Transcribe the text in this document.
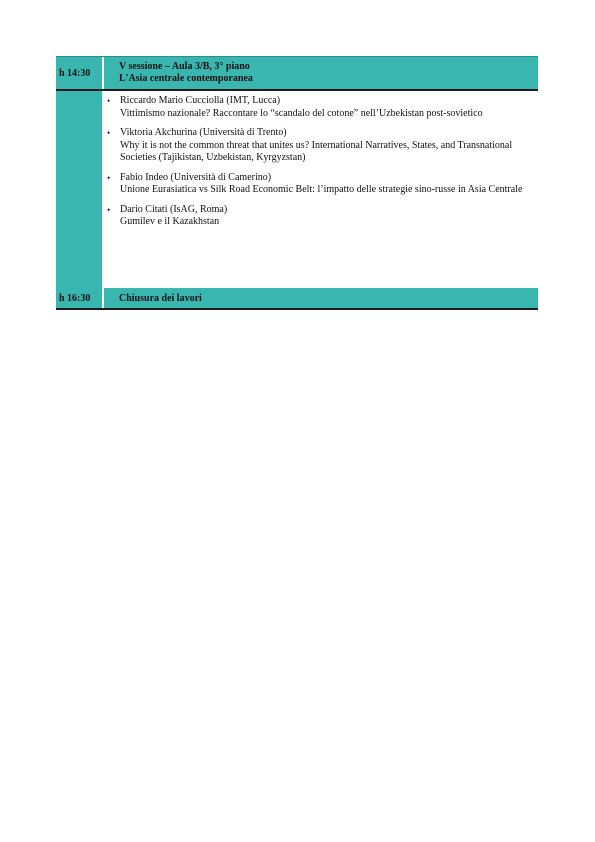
h 14:30
V sessione – Aula 3/B, 3° piano
L'Asia centrale contemporanea
• Riccardo Mario Cucciolla (IMT, Lucca)
Vittimismo nazionale? Raccontare lo “scandalo del cotone” nell’Uzbekistan post-sovietico
• Viktoria Akchurina (Università di Trento)
Why it is not the common threat that unites us? International Narratives, States, and Transnational Societies (Tajikistan, Uzbekistan, Kyrgyzstan)
• Fabio Indeo (Università di Camerino)
Unione Eurasiatica vs Silk Road Economic Belt: l’impatto delle strategie sino-russe in Asia Centrale
• Dario Citati (IsAG, Roma)
Gumilev e il Kazakhstan
h 16:30	Chiusura dei lavori
